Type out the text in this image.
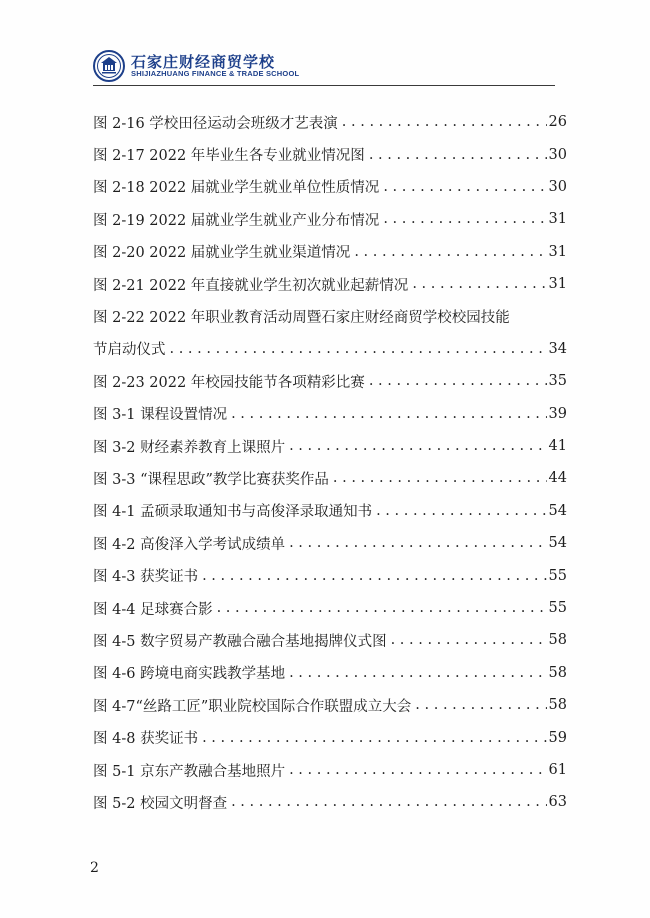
石家庄财经商贸学校
SHIJIAZHUANG FINANCE & TRADE SCHOOL
图 2-16 学校田径运动会班级才艺表演 . . .	26
图 2-17 2022 年毕业生各专业就业情况图 . . .	30
图 2-18 2022 届就业学生就业单位性质情况 . . .	30
图 2-19 2022 届就业学生就业产业分布情况 . . .	31
图 2-20 2022 届就业学生就业渠道情况 . . .	31
图 2-21 2022 年直接就业学生初次就业起薪情况 . . .	31
图 2-22 2022 年职业教育活动周暨石家庄财经商贸学校校园技能
节启动仪式 . . .	34
图 2-23 2022 年校园技能节各项精彩比赛 . . .	35
图 3-1 课程设置情况 . . .	39
图 3-2 财经素养教育上课照片 . . .	41
图 3-3 “课程思政”教学比赛获奖作品 . . .	44
图 4-1 孟硕录取通知书与高俊泽录取通知书 . . .	54
图 4-2 高俊泽入学考试成绩单 . . .	54
图 4-3 获奖证书 . . .	55
图 4-4 足球赛合影 . . .	55
图 4-5 数字贸易产教融合融合基地揭牌仪式图 . . .	58
图 4-6 跨境电商实践教学基地 . . .	58
图 4-7“丝路工匠”职业院校国际合作联盟成立大会 . . .	58
图 4-8 获奖证书 . . .	59
图 5-1 京东产教融合基地照片 . . .	61
图 5-2 校园文明督查 . . .	63
2
